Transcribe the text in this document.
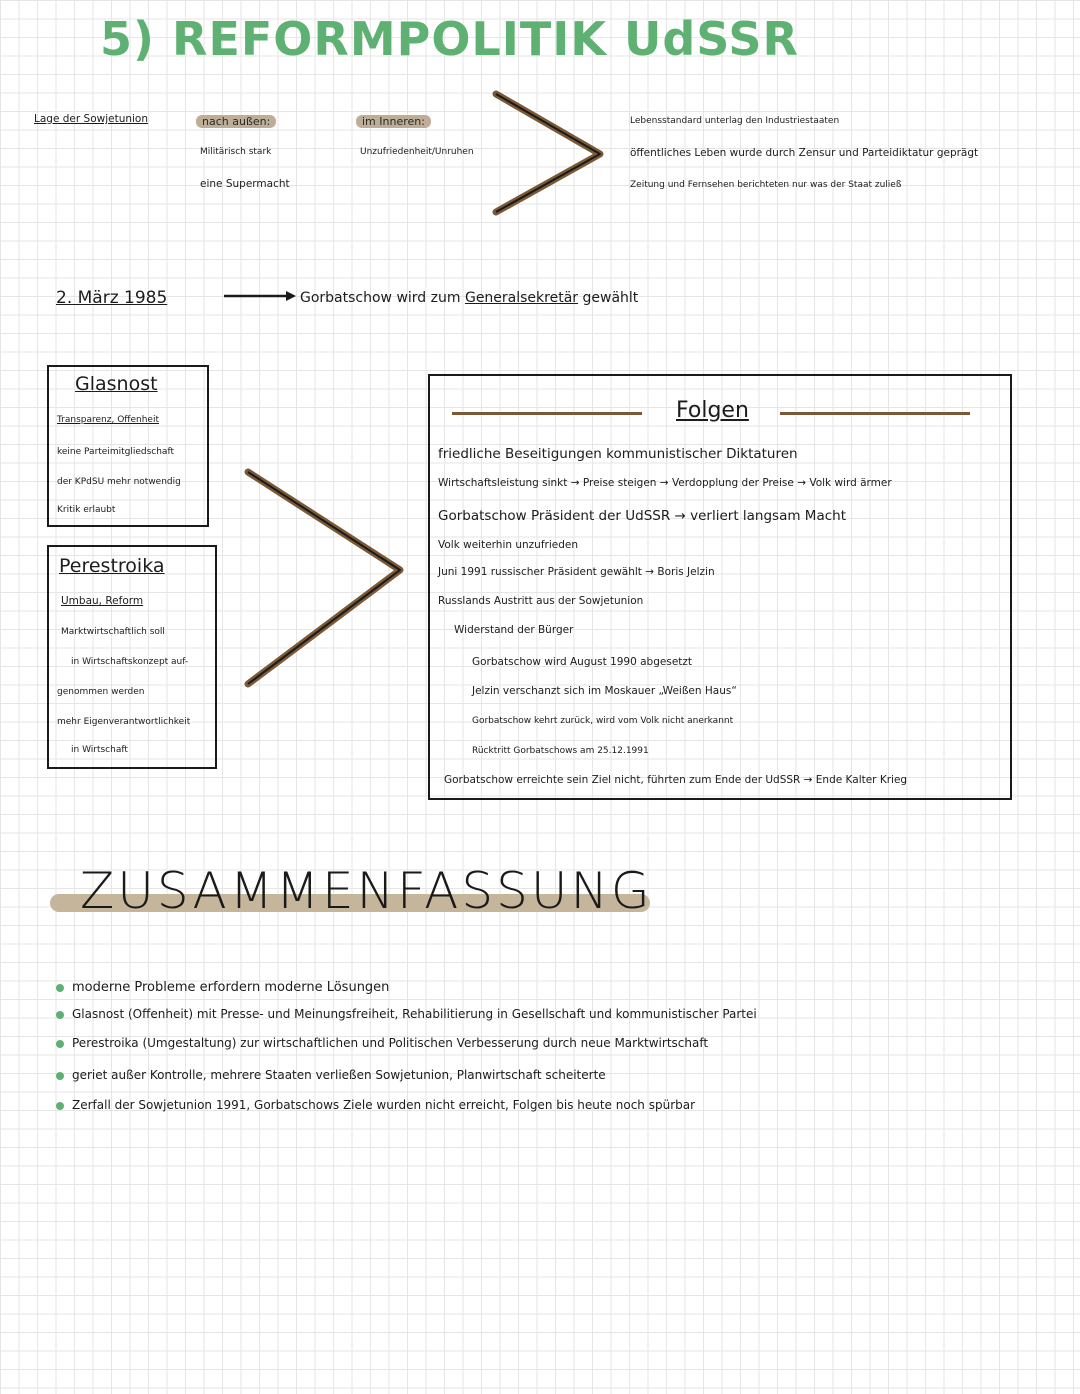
5) REFORMPOLITIK UdSSR
Lage der Sowjetunion	nach außen:
Militärisch stark
eine Supermacht
im Inneren:
Unzufriedenheit/Unruhen
Lebensstandard unterlag den Industriestaaten
öffentliches Leben wurde durch Zensur und Parteidiktatur geprägt
Zeitung und Fernsehen berichteten nur was der Staat zuließ
2. März 1985	Gorbatschow wird zum Generalsekretär gewählt
Glasnost
Transparenz, Offenheit
keine Parteimitgliedschaft
der KPdSU mehr notwendig
Kritik erlaubt
Perestroika
Umbau, Reform
Marktwirtschaftlich soll
in Wirtschaftskonzept auf-
genommen werden
mehr Eigenverantwortlichkeit
in Wirtschaft
Folgen
friedliche Beseitigungen kommunistischer Diktaturen
Wirtschaftsleistung sinkt → Preise steigen → Verdopplung der Preise → Volk wird ärmer
Gorbatschow Präsident der UdSSR → verliert langsam Macht
Volk weiterhin unzufrieden
Juni 1991 russischer Präsident gewählt → Boris Jelzin
Russlands Austritt aus der Sowjetunion
Widerstand der Bürger
Gorbatschow wird August 1990 abgesetzt
Jelzin verschanzt sich im Moskauer „Weißen Haus“
Gorbatschow kehrt zurück, wird vom Volk nicht anerkannt
Rücktritt Gorbatschows am 25.12.1991
Gorbatschow erreichte sein Ziel nicht, führten zum Ende der UdSSR → Ende Kalter Krieg
ZUSAMMENFASSUNG
moderne Probleme erfordern moderne Lösungen
Glasnost (Offenheit) mit Presse- und Meinungsfreiheit, Rehabilitierung in Gesellschaft und kommunistischer Partei
Perestroika (Umgestaltung) zur wirtschaftlichen und Politischen Verbesserung durch neue Marktwirtschaft
geriet außer Kontrolle, mehrere Staaten verließen Sowjetunion, Planwirtschaft scheiterte
Zerfall der Sowjetunion 1991, Gorbatschows Ziele wurden nicht erreicht, Folgen bis heute noch spürbar
